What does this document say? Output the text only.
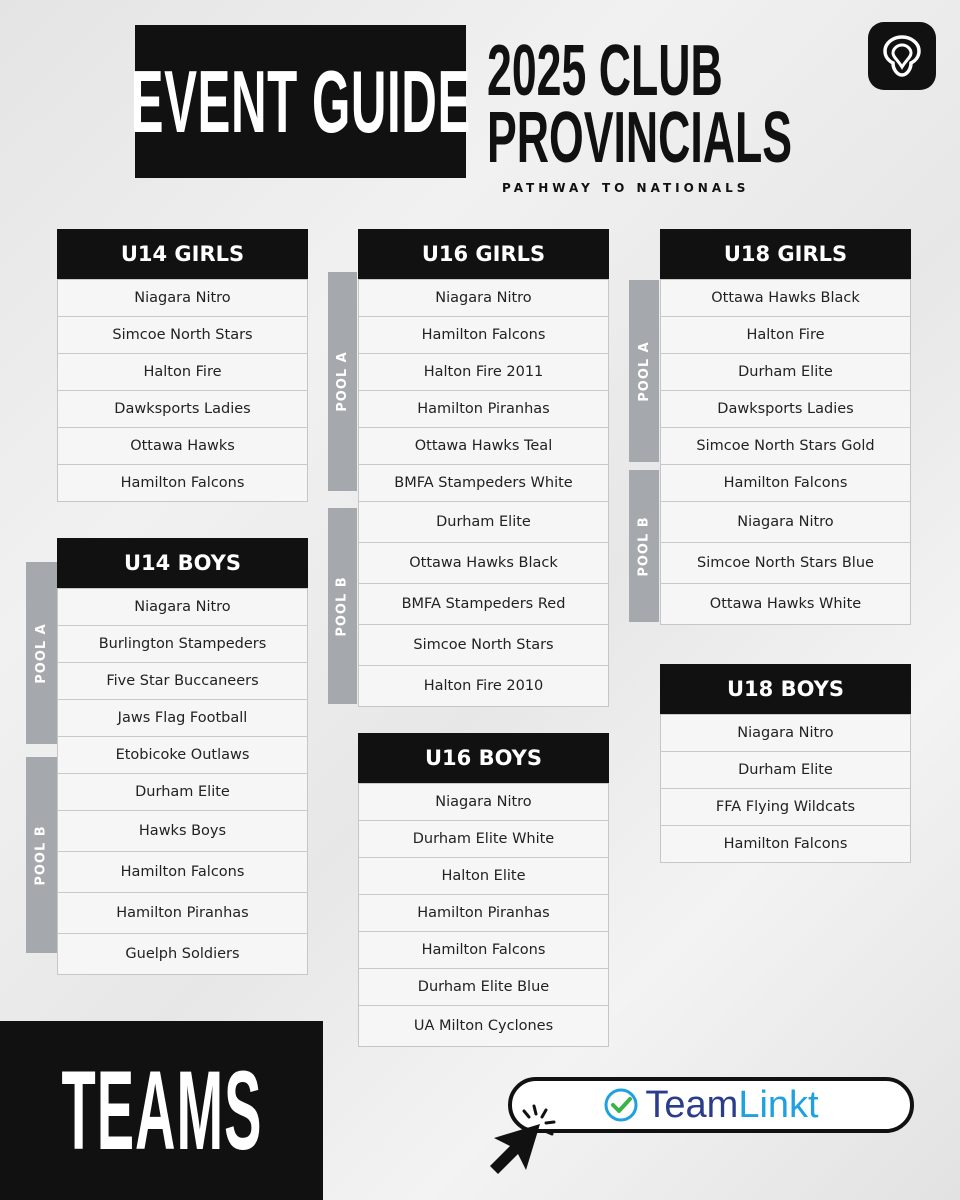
EVENT GUIDE 2025 CLUB
PROVINCIALS
PATHWAY TO NATIONALS
U14 GIRLS
Niagara Nitro
Simcoe North Stars
Halton Fire
Dawksports Ladies
Ottawa Hawks
Hamilton Falcons
POOL A
POOL B
U14 BOYS
Niagara Nitro
Burlington Stampeders
Five Star Buccaneers
Jaws Flag Football
Etobicoke Outlaws
Durham Elite
Hawks Boys
Hamilton Falcons
Hamilton Piranhas
Guelph Soldiers
POOL A
POOL B
U16 GIRLS
Niagara Nitro
Hamilton Falcons
Halton Fire 2011
Hamilton Piranhas
Ottawa Hawks Teal
BMFA Stampeders White
Durham Elite
Ottawa Hawks Black
BMFA Stampeders Red
Simcoe North Stars
Halton Fire 2010
U16 BOYS
Niagara Nitro
Durham Elite White
Halton Elite
Hamilton Piranhas
Hamilton Falcons
Durham Elite Blue
UA Milton Cyclones
POOL A
POOL B
U18 GIRLS
Ottawa Hawks Black
Halton Fire
Durham Elite
Dawksports Ladies
Simcoe North Stars Gold
Hamilton Falcons
Niagara Nitro
Simcoe North Stars Blue
Ottawa Hawks White
U18 BOYS
Niagara Nitro
Durham Elite
FFA Flying Wildcats
Hamilton Falcons
TEAMS	Team Linkt
